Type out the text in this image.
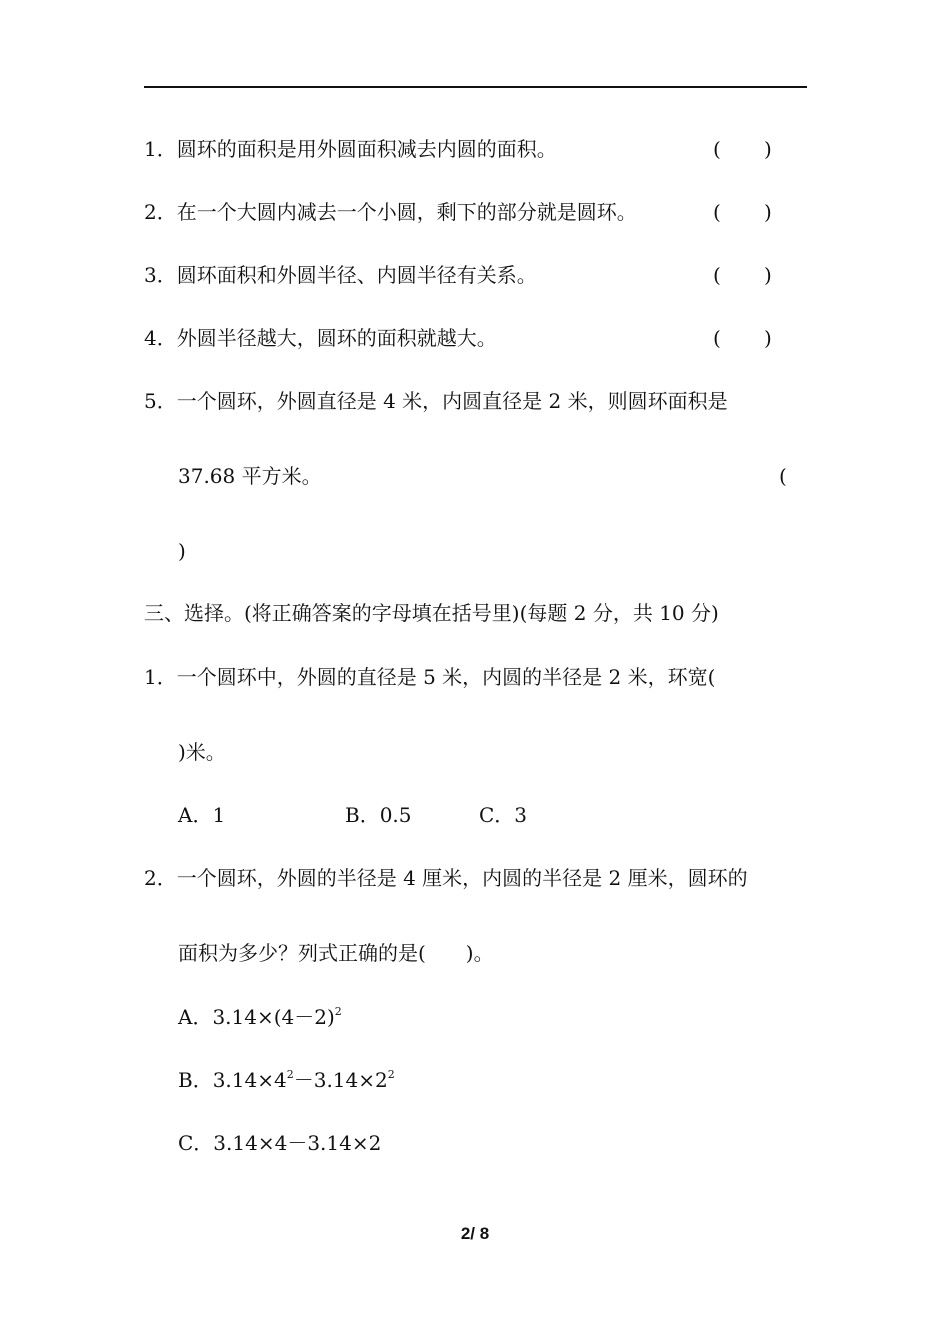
1．圆环的面积是用外圆面积减去内圆的面积。	( )
2．在一个大圆内减去一个小圆，剩下的部分就是圆环。	( )
3．圆环面积和外圆半径、内圆半径有关系。	( )
4．外圆半径越大，圆环的面积就越大。	( )
5．一个圆环，外圆直径是 4 米，内圆直径是 2 米，则圆环面积是
37.68 平方米。	(
)
三、选择。(将正确答案的字母填在括号里)(每题 2 分，共 10 分)
1．一个圆环中，外圆的直径是 5 米，内圆的半径是 2 米，环宽(
)米。
A．1	B．0.5	C．3
2．一个圆环，外圆的半径是 4 厘米，内圆的半径是 2 厘米，圆环的
面积为多少？列式正确的是(　　)。
A．$3.14\times(4-2)^2$
B．$3.14\times 4^2-3.14\times 2^2$
C．3.14×4－3.14×2
2/ 8
